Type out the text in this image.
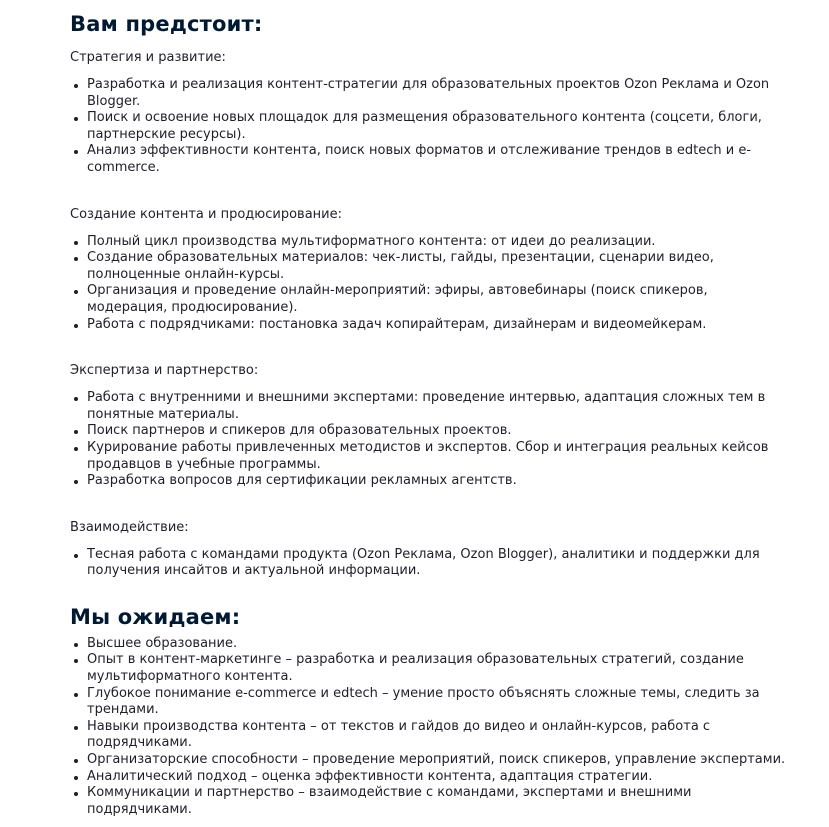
Вам предстоит:

Стратегия и развитие:

Разработка и реализация контент-стратегии для образовательных проектов Ozon Реклама и Ozon Blogger.
Поиск и освоение новых площадок для размещения образовательного контента (соцсети, блоги, партнерские ресурсы).
Анализ эффективности контента, поиск новых форматов и отслеживание трендов в edtech и e-commerce.

Создание контента и продюсирование:

Полный цикл производства мультиформатного контента: от идеи до реализации.
Создание образовательных материалов: чек-листы, гайды, презентации, сценарии видео, полноценные онлайн-курсы.
Организация и проведение онлайн-мероприятий: эфиры, автовебинары (поиск спикеров, модерация, продюсирование).
Работа с подрядчиками: постановка задач копирайтерам, дизайнерам и видеомейкерам.

Экспертиза и партнерство:

Работа с внутренними и внешними экспертами: проведение интервью, адаптация сложных тем в понятные материалы.
Поиск партнеров и спикеров для образовательных проектов.
Курирование работы привлеченных методистов и экспертов. Сбор и интеграция реальных кейсов продавцов в учебные программы.
Разработка вопросов для сертификации рекламных агентств.

Взаимодействие:

Тесная работа с командами продукта (Ozon Реклама, Ozon Blogger), аналитики и поддержки для получения инсайтов и актуальной информации.
Мы ожидаем:
Высшее образование.
Опыт в контент-маркетинге – разработка и реализация образовательных стратегий, создание мультиформатного контента.
Глубокое понимание e-commerce и edtech – умение просто объяснять сложные темы, следить за трендами.
Навыки производства контента – от текстов и гайдов до видео и онлайн-курсов, работа с подрядчиками.
Организаторские способности – проведение мероприятий, поиск спикеров, управление экспертами.
Аналитический подход – оценка эффективности контента, адаптация стратегии.
Коммуникации и партнерство – взаимодействие с командами, экспертами и внешними подрядчиками.
